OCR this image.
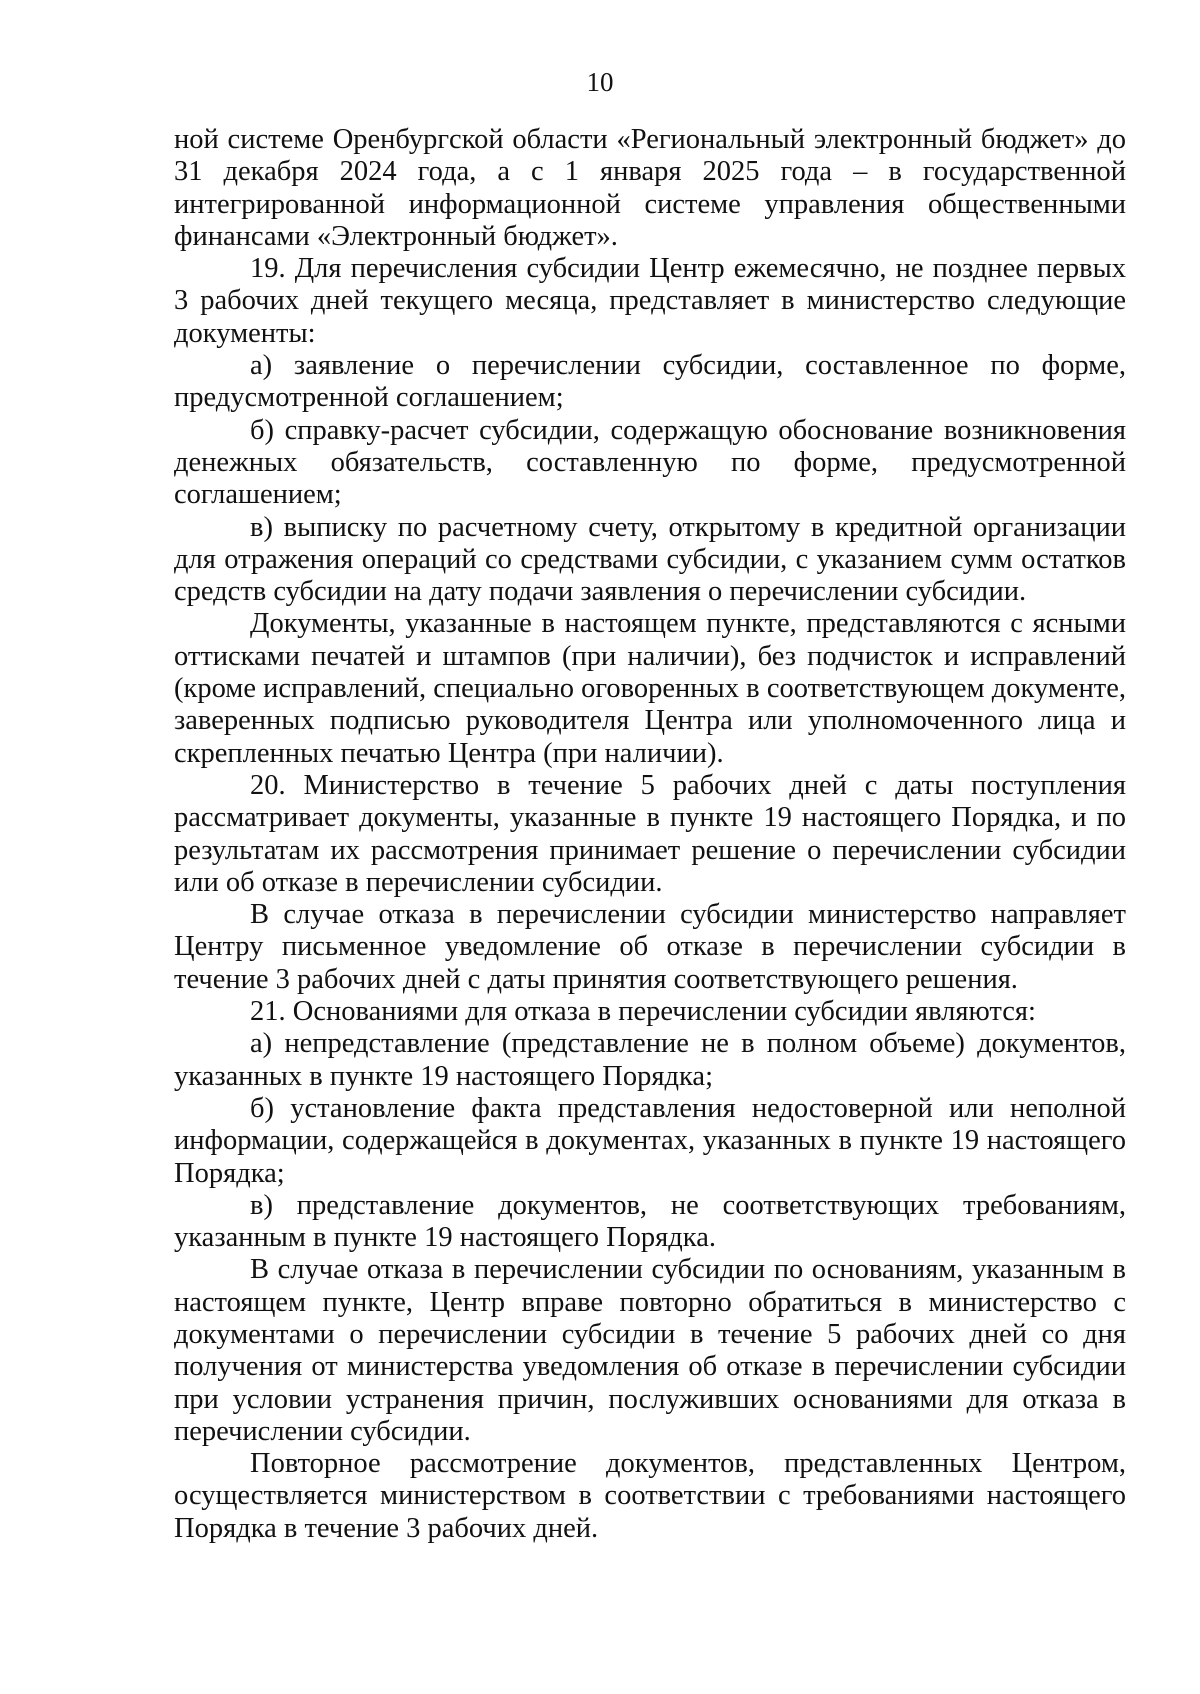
10

ной системе Оренбургской области «Региональный электронный бюджет» до 31 декабря 2024 года, а с 1 января 2025 года – в государственной интегрированной информационной системе управления общественными финансами «Электронный бюджет».

19. Для перечисления субсидии Центр ежемесячно, не позднее первых 3 рабочих дней текущего месяца, представляет в министерство следующие документы:

а) заявление о перечислении субсидии, составленное по форме, предусмотренной соглашением;

б) справку-расчет субсидии, содержащую обоснование возникновения денежных обязательств, составленную по форме, предусмотренной соглашением;

в) выписку по расчетному счету, открытому в кредитной организации для отражения операций со средствами субсидии, с указанием сумм остатков средств субсидии на дату подачи заявления о перечислении субсидии.

Документы, указанные в настоящем пункте, представляются с ясными оттисками печатей и штампов (при наличии), без подчисток и исправлений (кроме исправлений, специально оговоренных в соответствующем документе, заверенных подписью руководителя Центра или уполномоченного лица и скрепленных печатью Центра (при наличии).

20. Министерство в течение 5 рабочих дней с даты поступления рассматривает документы, указанные в пункте 19 настоящего Порядка, и по результатам их рассмотрения принимает решение о перечислении субсидии или об отказе в перечислении субсидии.

В случае отказа в перечислении субсидии министерство направляет Центру письменное уведомление об отказе в перечислении субсидии в течение 3 рабочих дней с даты принятия соответствующего решения.

21. Основаниями для отказа в перечислении субсидии являются:

а) непредставление (представление не в полном объеме) документов, указанных в пункте 19 настоящего Порядка;

б) установление факта представления недостоверной или неполной информации, содержащейся в документах, указанных в пункте 19 настоящего Порядка;

в) представление документов, не соответствующих требованиям, указанным в пункте 19 настоящего Порядка.

В случае отказа в перечислении субсидии по основаниям, указанным в настоящем пункте, Центр вправе повторно обратиться в министерство с документами о перечислении субсидии в течение 5 рабочих дней со дня получения от министерства уведомления об отказе в перечислении субсидии при условии устранения причин, послуживших основаниями для отказа в перечислении субсидии.

Повторное рассмотрение документов, представленных Центром, осуществляется министерством в соответствии с требованиями настоящего Порядка в течение 3 рабочих дней.
